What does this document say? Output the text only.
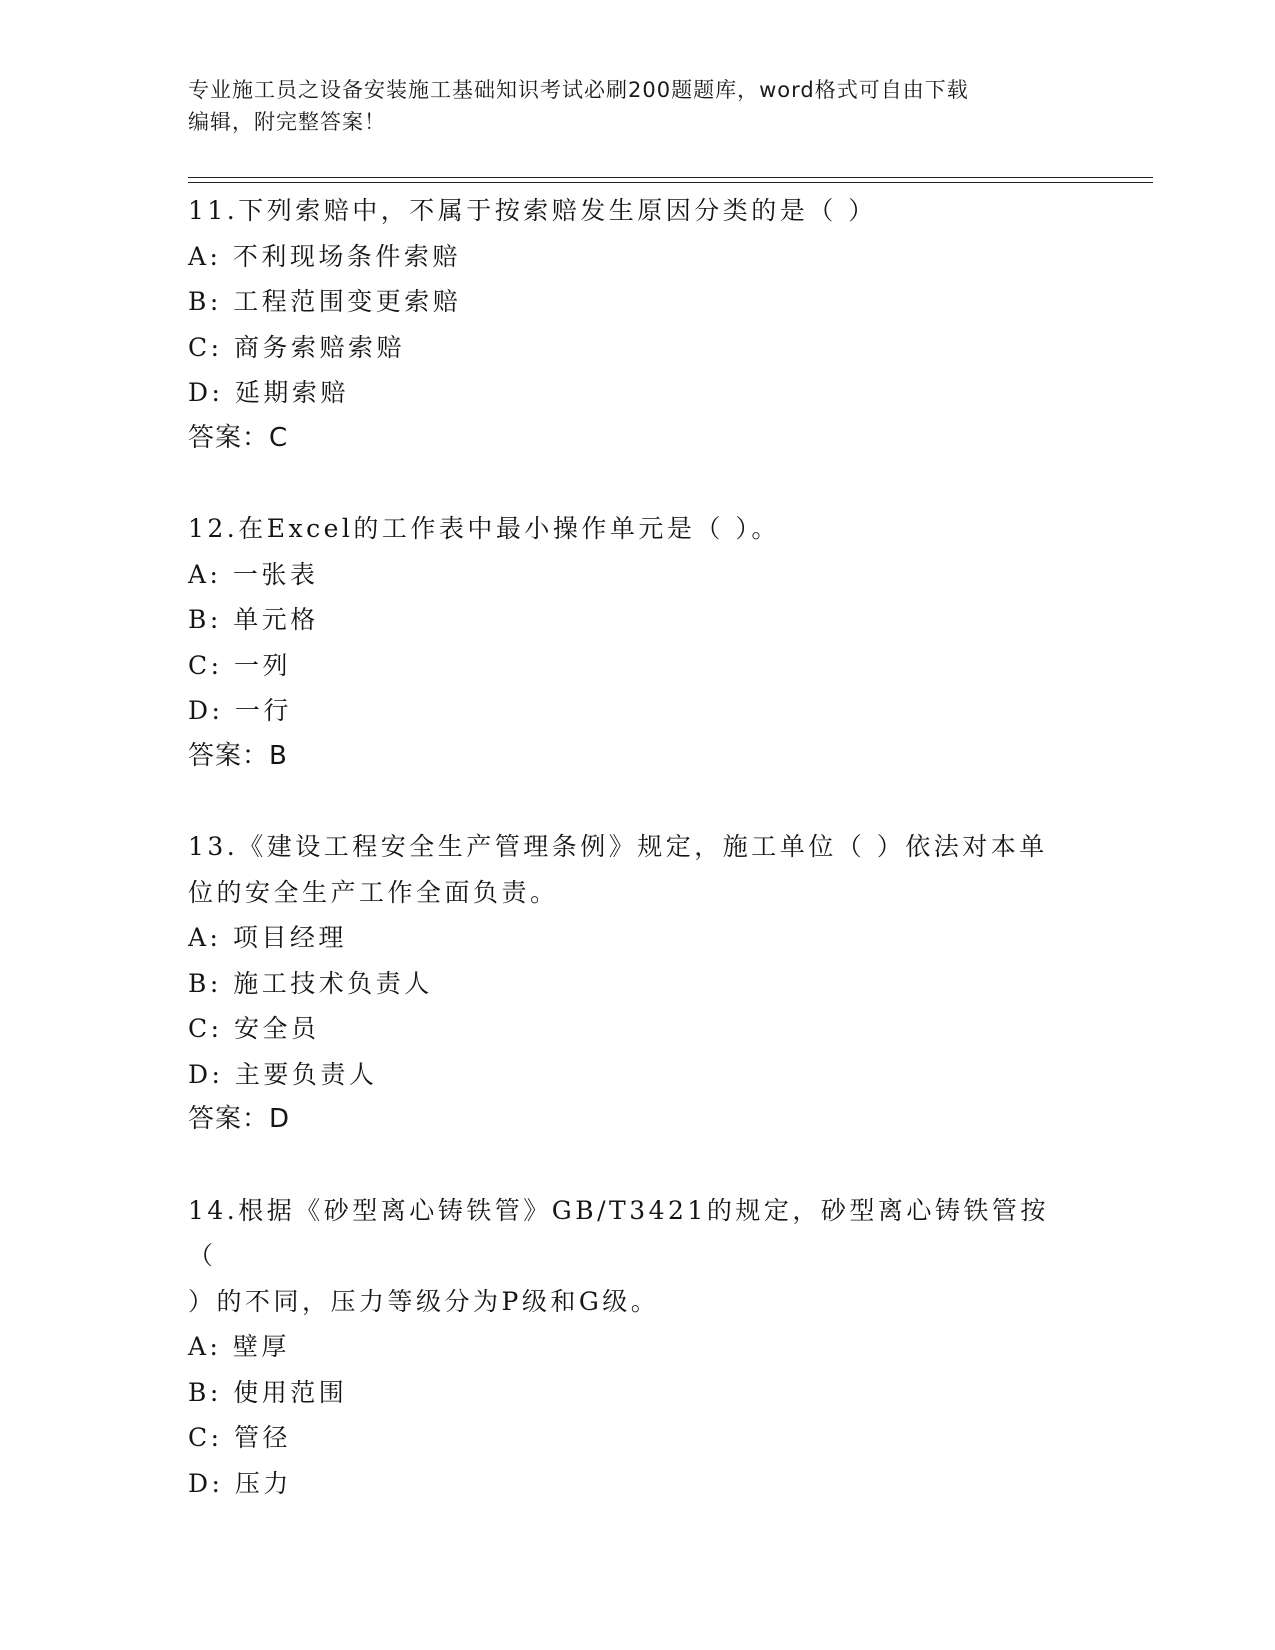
专业施工员之设备安装施工基础知识考试必刷200题题库，word格式可自由下载
编辑，附完整答案！
11.下列索赔中，不属于按索赔发生原因分类的是（ ）
A: 不利现场条件索赔
B: 工程范围变更索赔
C: 商务索赔索赔
D: 延期索赔
答案：C
12.在Excel的工作表中最小操作单元是（ ）。
A: 一张表
B: 单元格
C: 一列
D: 一行
答案：B
13.《建设工程安全生产管理条例》规定，施工单位（ ）依法对本单
位的安全生产工作全面负责。
A: 项目经理
B: 施工技术负责人
C: 安全员
D: 主要负责人
答案：D
14.根据《砂型离心铸铁管》GB/T3421的规定，砂型离心铸铁管按（
）的不同，压力等级分为P级和G级。
A: 壁厚
B: 使用范围
C: 管径
D: 压力
